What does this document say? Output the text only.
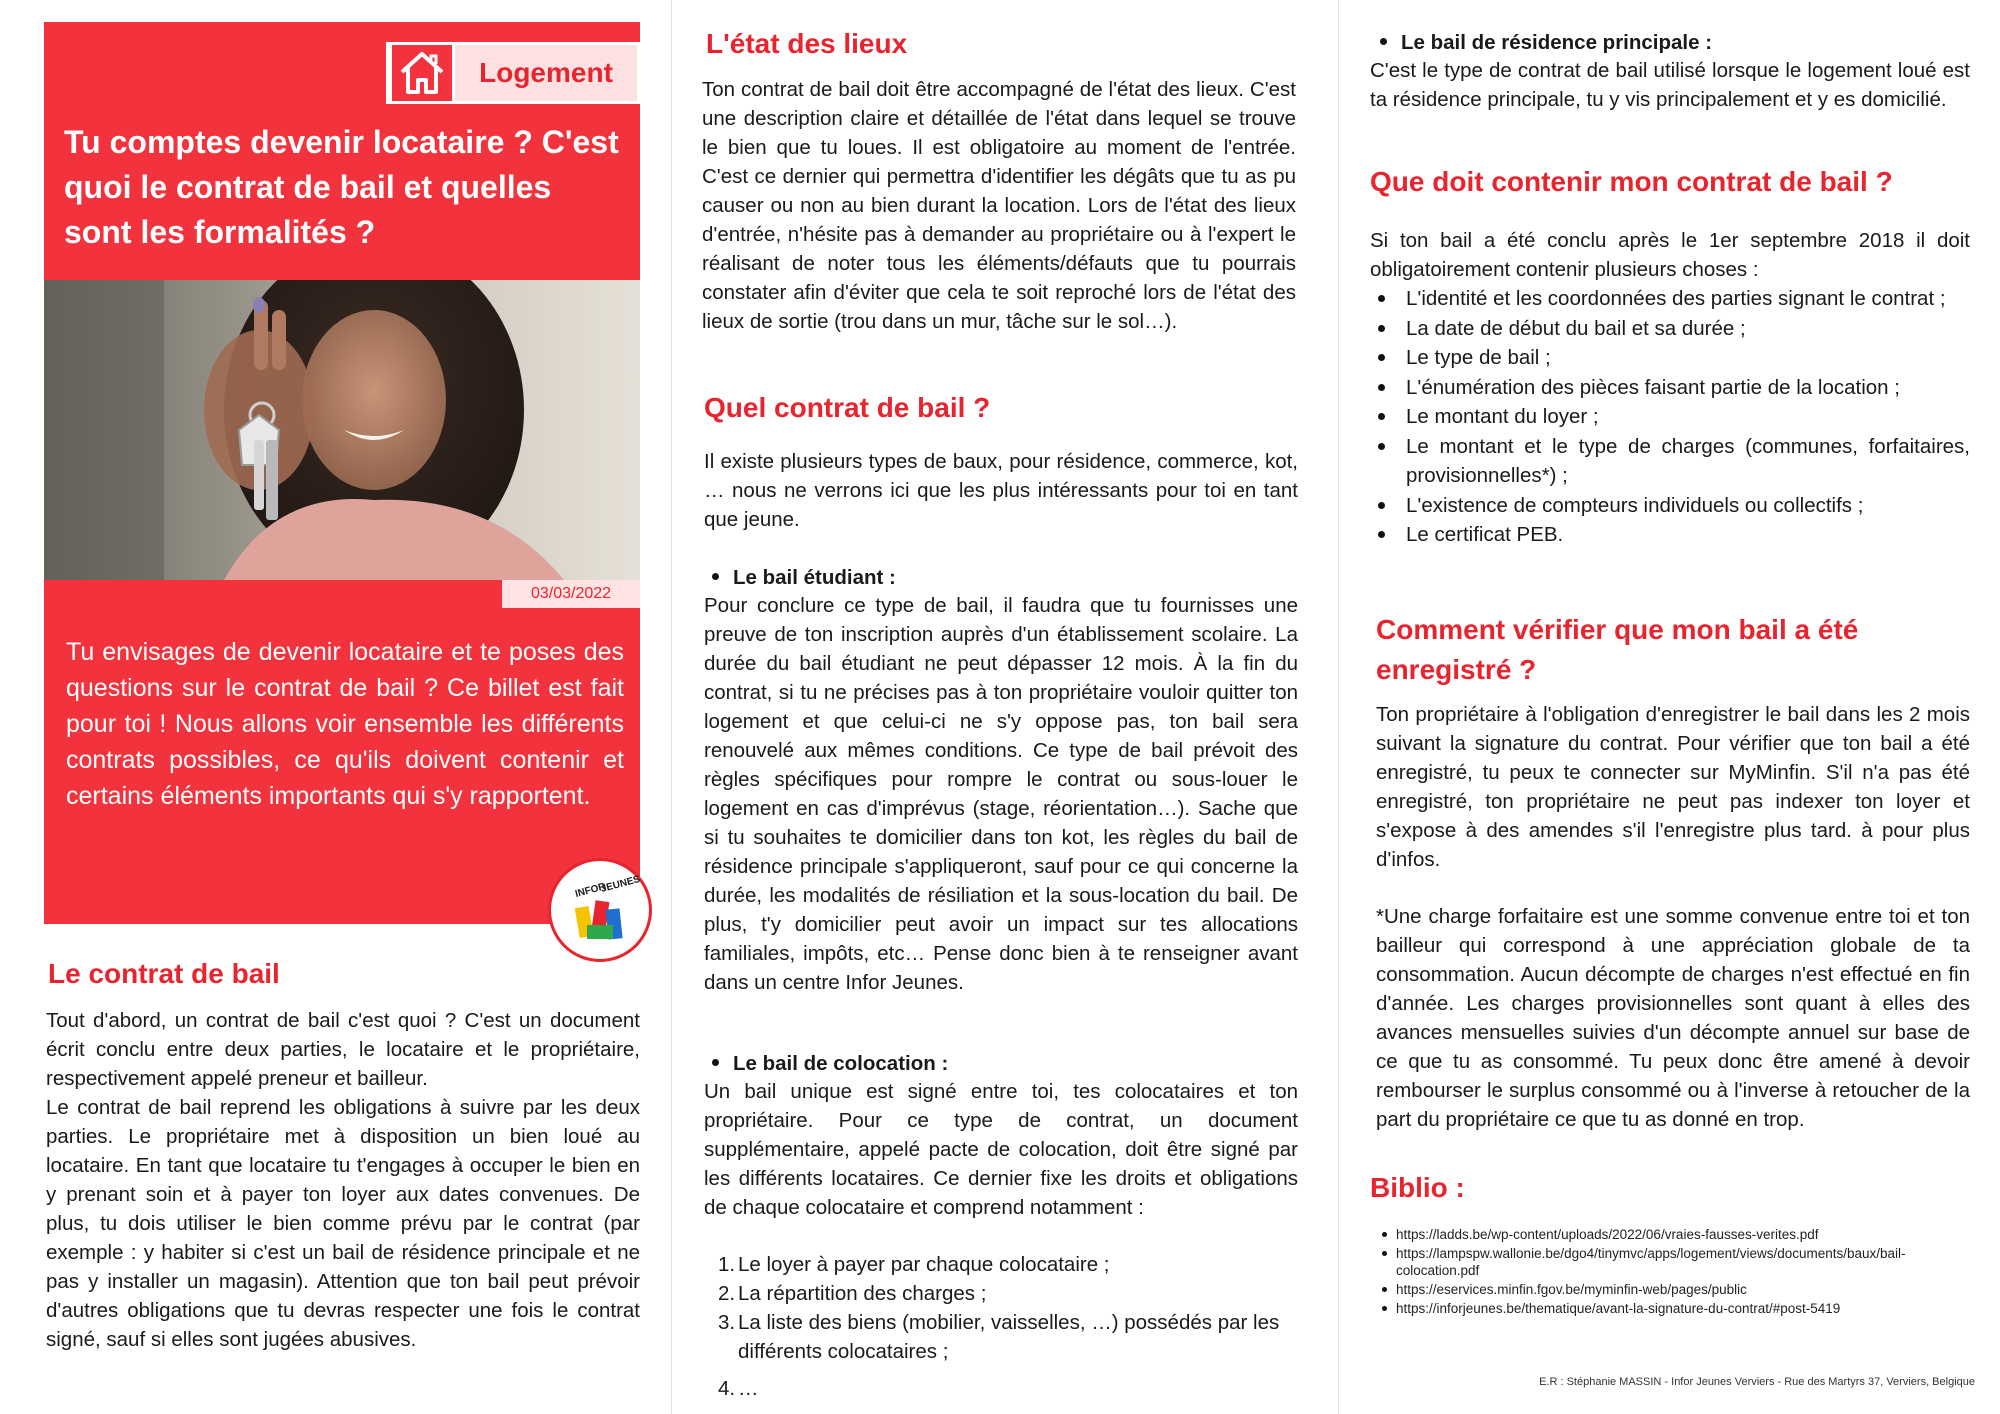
Logement
Tu comptes devenir locataire ? C'est quoi le contrat de bail et quelles sont les formalités ?
03/03/2022
Tu envisages de devenir locataire et te poses des questions sur le contrat de bail ? Ce billet est fait pour toi ! Nous allons voir ensemble les différents contrats possibles, ce qu'ils doivent contenir et certains éléments importants qui s'y rapportent.
INFOR
JEUNES
Le contrat de bail
Tout d'abord, un contrat de bail c'est quoi ? C'est un document écrit conclu entre deux parties, le locataire et le propriétaire, respectivement appelé preneur et bailleur.
Le contrat de bail reprend les obligations à suivre par les deux parties. Le propriétaire met à disposition un bien loué au locataire. En tant que locataire tu t'engages à occuper le bien en y prenant soin et à payer ton loyer aux dates convenues. De plus, tu dois utiliser le bien comme prévu par le contrat (par exemple : y habiter si c'est un bail de résidence principale et ne pas y installer un magasin). Attention que ton bail peut prévoir d'autres obligations que tu devras respecter une fois le contrat signé, sauf si elles sont jugées abusives.
L'état des lieux
Ton contrat de bail doit être accompagné de l'état des lieux. C'est une description claire et détaillée de l'état dans lequel se trouve le bien que tu loues. Il est obligatoire au moment de l'entrée. C'est ce dernier qui permettra d'identifier les dégâts que tu as pu causer ou non au bien durant la location. Lors de l'état des lieux d'entrée, n'hésite pas à demander au propriétaire ou à l'expert le réalisant de noter tous les éléments/défauts que tu pourrais constater afin d'éviter que cela te soit reproché lors de l'état des lieux de sortie (trou dans un mur, tâche sur le sol…).
Quel contrat de bail ?
Il existe plusieurs types de baux, pour résidence, commerce, kot, … nous ne verrons ici que les plus intéressants pour toi en tant que jeune.
Le bail étudiant :
Pour conclure ce type de bail, il faudra que tu fournisses une preuve de ton inscription auprès d'un établissement scolaire. La durée du bail étudiant ne peut dépasser 12 mois. À la fin du contrat, si tu ne précises pas à ton propriétaire vouloir quitter ton logement et que celui-ci ne s'y oppose pas, ton bail sera renouvelé aux mêmes conditions. Ce type de bail prévoit des règles spécifiques pour rompre le contrat ou sous-louer le logement en cas d'imprévus (stage, réorientation…). Sache que si tu souhaites te domicilier dans ton kot, les règles du bail de résidence principale s'appliqueront, sauf pour ce qui concerne la durée, les modalités de résiliation et la sous-location du bail. De plus, t'y domicilier peut avoir un impact sur tes allocations familiales, impôts, etc… Pense donc bien à te renseigner avant dans un centre Infor Jeunes.
Le bail de colocation :
Un bail unique est signé entre toi, tes colocataires et ton propriétaire. Pour ce type de contrat, un document supplémentaire, appelé pacte de colocation, doit être signé par les différents locataires. Ce dernier fixe les droits et obligations de chaque colocataire et comprend notamment :
1. Le loyer à payer par chaque colocataire ;
2. La répartition des charges ;
3. La liste des biens (mobilier, vaisselles, …) possédés par les différents colocataires ;
4. …
Le bail de résidence principale :
C'est le type de contrat de bail utilisé lorsque le logement loué est ta résidence principale, tu y vis principalement et y es domicilié.
Que doit contenir mon contrat de bail ?
Si ton bail a été conclu après le 1er septembre 2018 il doit obligatoirement contenir plusieurs choses :
L'identité et les coordonnées des parties signant le contrat ;
La date de début du bail et sa durée ;
Le type de bail ;
L'énumération des pièces faisant partie de la location ;
Le montant du loyer ;
Le montant et le type de charges (communes, forfaitaires, provisionnelles*) ;
L'existence de compteurs individuels ou collectifs ;
Le certificat PEB.
Comment vérifier que mon bail a été enregistré ?
Ton propriétaire à l'obligation d'enregistrer le bail dans les 2 mois suivant la signature du contrat. Pour vérifier que ton bail a été enregistré, tu peux te connecter sur MyMinfin. S'il n'a pas été enregistré, ton propriétaire ne peut pas indexer ton loyer et s'expose à des amendes s'il l'enregistre plus tard. à pour plus d'infos.
*Une charge forfaitaire est une somme convenue entre toi et ton bailleur qui correspond à une appréciation globale de ta consommation. Aucun décompte de charges n'est effectué en fin d'année. Les charges provisionnelles sont quant à elles des avances mensuelles suivies d'un décompte annuel sur base de ce que tu as consommé. Tu peux donc être amené à devoir rembourser le surplus consommé ou à l'inverse à retoucher de la part du propriétaire ce que tu as donné en trop.
Biblio :
https://ladds.be/wp-content/uploads/2022/06/vraies-fausses-verites.pdf
https://lampspw.wallonie.be/dgo4/tinymvc/apps/logement/views/documents/baux/bail-colocation.pdf
https://eservices.minfin.fgov.be/myminfin-web/pages/public
https://inforjeunes.be/thematique/avant-la-signature-du-contrat/#post-5419
E.R : Stéphanie MASSIN - Infor Jeunes Verviers - Rue des Martyrs 37, Verviers, Belgique
